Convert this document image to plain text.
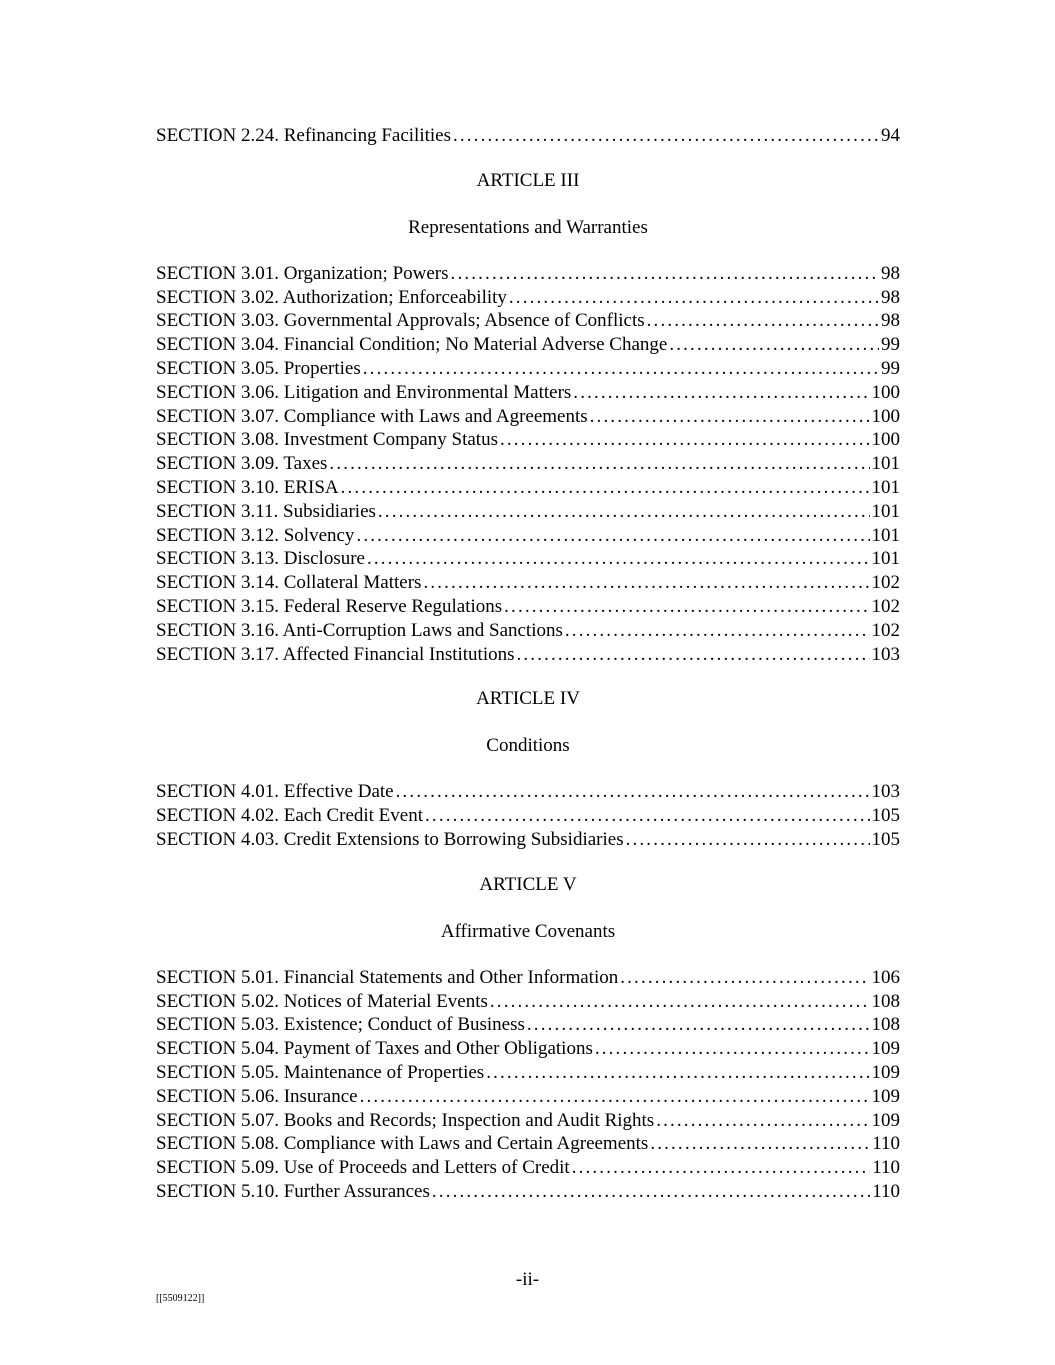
SECTION 2.24. Refinancing Facilities . . .	94
ARTICLE III
Representations and Warranties
SECTION 3.01. Organization; Powers . . .	98
SECTION 3.02. Authorization; Enforceability . . .	98
SECTION 3.03. Governmental Approvals; Absence of Conflicts . . .	98
SECTION 3.04. Financial Condition; No Material Adverse Change . . .	99
SECTION 3.05. Properties . . .	99
SECTION 3.06. Litigation and Environmental Matters . . .	100
SECTION 3.07. Compliance with Laws and Agreements . . .	100
SECTION 3.08. Investment Company Status . . .	100
SECTION 3.09. Taxes . . .	101
SECTION 3.10. ERISA . . .	101
SECTION 3.11. Subsidiaries . . .	101
SECTION 3.12. Solvency . . .	101
SECTION 3.13. Disclosure . . .	101
SECTION 3.14. Collateral Matters . . .	102
SECTION 3.15. Federal Reserve Regulations . . .	102
SECTION 3.16. Anti-Corruption Laws and Sanctions . . .	102
SECTION 3.17. Affected Financial Institutions . . .	103
ARTICLE IV
Conditions
SECTION 4.01. Effective Date . . .	103
SECTION 4.02. Each Credit Event . . .	105
SECTION 4.03. Credit Extensions to Borrowing Subsidiaries . . .	105
ARTICLE V
Affirmative Covenants
SECTION 5.01. Financial Statements and Other Information . . .	106
SECTION 5.02. Notices of Material Events . . .	108
SECTION 5.03. Existence; Conduct of Business . . .	108
SECTION 5.04. Payment of Taxes and Other Obligations . . .	109
SECTION 5.05. Maintenance of Properties . . .	109
SECTION 5.06. Insurance . . .	109
SECTION 5.07. Books and Records; Inspection and Audit Rights . . .	109
SECTION 5.08. Compliance with Laws and Certain Agreements . . .	110
SECTION 5.09. Use of Proceeds and Letters of Credit . . .	110
SECTION 5.10. Further Assurances . . .	110
-ii-
[[5509122]]
